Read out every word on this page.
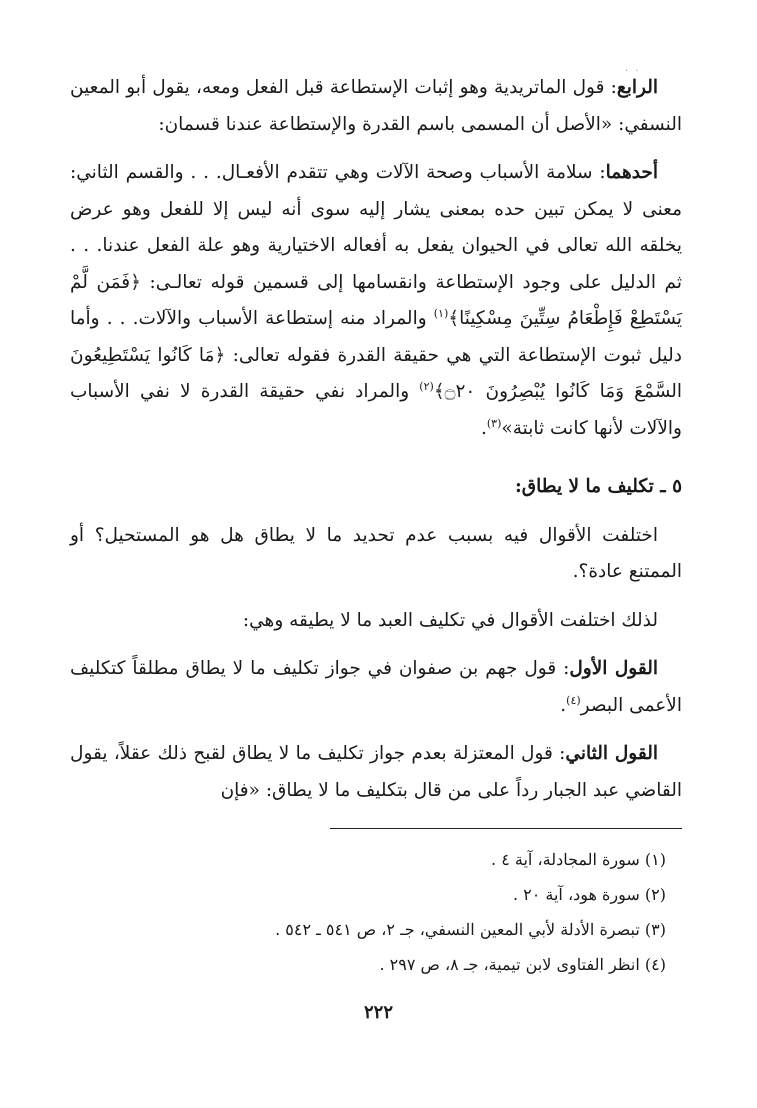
· ·

الرابع: قول الماتريدية وهو إثبات الإستطاعة قبل الفعل ومعه، يقول أبو المعين النسفي: «الأصل أن المسمى باسم القدرة والإستطاعة عندنا قسمان:

أحدهما: سلامة الأسباب وصحة الآلات وهي تتقدم الأفعـال. . . والقسم الثاني: معنى لا يمكن تبين حده بمعنى يشار إليه سوى أنه ليس إلا للفعل وهو عرض يخلقه الله تعالى في الحيوان يفعل به أفعاله الاختيارية وهو علة الفعل عندنا. . . ثم الدليل على وجود الإستطاعة وانقسامها إلى قسمين قوله تعالـى: ﴿فَمَن لَّمْ يَسْتَطِعْ فَإِطْعَامُ سِتِّينَ مِسْكِينًا﴾$^{(١)}$ والمراد منه إستطاعة الأسباب والآلات. . . وأما دليل ثبوت الإستطاعة التي هي حقيقة القدرة فقوله تعالى: ﴿مَا كَانُوا يَسْتَطِيعُونَ السَّمْعَ وَمَا كَانُوا يُبْصِرُونَ ۝٢٠﴾$^{(٢)}$ والمراد نفي حقيقة القدرة لا نفي الأسباب والآلات لأنها كانت ثابتة»$^{(٣)}$.

٥ ـ تكليف ما لا يطاق:

اختلفت الأقوال فيه بسبب عدم تحديد ما لا يطاق هل هو المستحيل؟ أو الممتنع عادة؟.

لذلك اختلفت الأقوال في تكليف العبد ما لا يطيقه وهي:

القول الأول: قول جهم بن صفوان في جواز تكليف ما لا يطاق مطلقاً كتكليف الأعمى البصر$^{(٤)}$.

القول الثاني: قول المعتزلة بعدم جواز تكليف ما لا يطاق لقبح ذلك عقلاً، يقول القاضي عبد الجبار رداً على من قال بتكليف ما لا يطاق: «فإن

(١) سورة المجادلة، آية ٤ .

(٢) سورة هود، آية ٢٠ .

(٣) تبصرة الأدلة لأبي المعين النسفي، جـ ٢، ص ٥٤١ ـ ٥٤٢ .

(٤) انظر الفتاوى لابن تيمية، جـ ٨، ص ٢٩٧ .

٢٢٢
